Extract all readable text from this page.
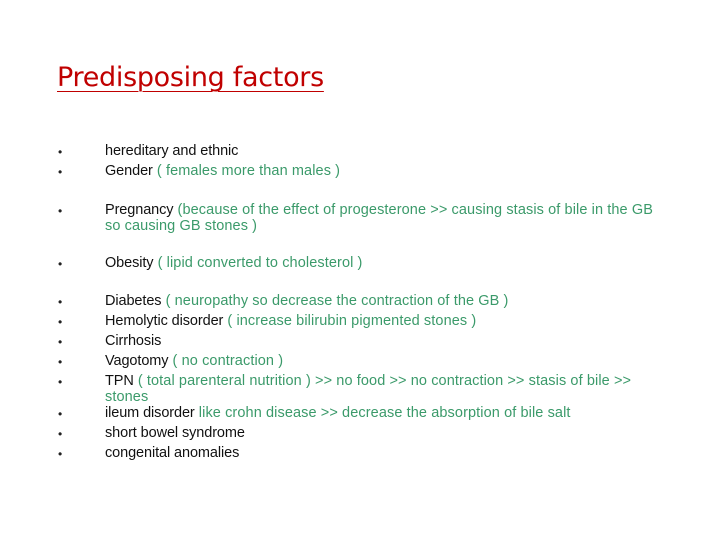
Predisposing factors
•	hereditary and ethnic
•	Gender ( females more than males )
•	Pregnancy (because of the effect of progesterone >> causing stasis of bile in the GB so causing GB stones )
•	Obesity ( lipid converted to cholesterol )
•	Diabetes ( neuropathy so decrease the contraction of the GB )
•	Hemolytic disorder ( increase bilirubin pigmented stones )
•	Cirrhosis
•	Vagotomy ( no contraction )
•	TPN ( total parenteral nutrition ) >> no food >> no contraction >> stasis of bile >> stones
•	ileum disorder like crohn disease >> decrease the absorption of bile salt
•	short bowel syndrome
•	congenital anomalies
